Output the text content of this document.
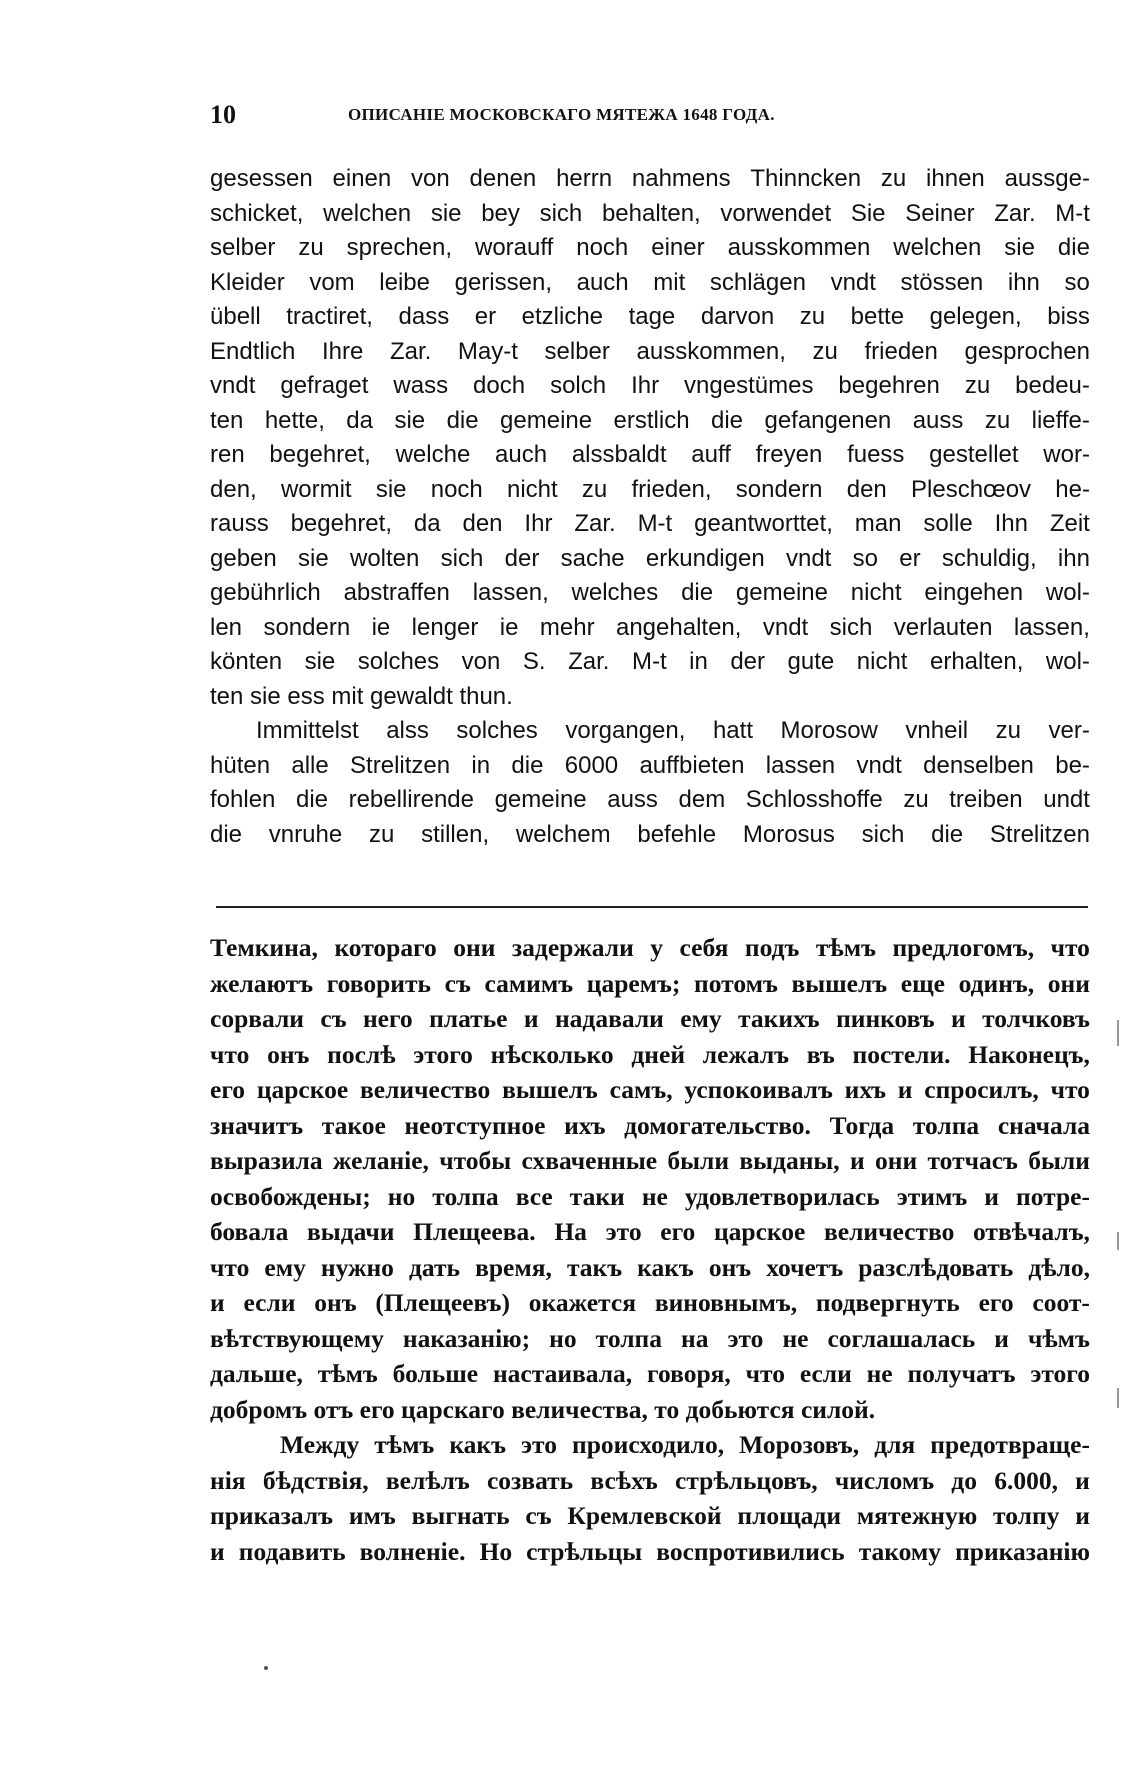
10	ОПИСАНІЕ МОСКОВСКАГО МЯТЕЖА 1648 ГОДА.
gesessen einen von denen herrn nahmens Thinncken zu ihnen aussge-
schicket, welchen sie bey sich behalten, vorwendet Sie Seiner Zar. M-t
selber zu sprechen, worauff noch einer ausskommen welchen sie die
Kleider vom leibe gerissen, auch mit schlägen vndt stössen ihn so
übell tractiret, dass er etzliche tage darvon zu bette gelegen, biss
Endtlich Ihre Zar. May-t selber ausskommen, zu frieden gesprochen
vndt gefraget wass doch solch Ihr vngestümes begehren zu bedeu-
ten hette, da sie die gemeine erstlich die gefangenen auss zu lieffe-
ren begehret, welche auch alssbaldt auff freyen fuess gestellet wor-
den, wormit sie noch nicht zu frieden, sondern den Pleschœov he-
rauss begehret, da den Ihr Zar. M-t geantworttet, man solle Ihn Zeit
geben sie wolten sich der sache erkundigen vndt so er schuldig, ihn
gebührlich abstraffen lassen, welches die gemeine nicht eingehen wol-
len sondern ie lenger ie mehr angehalten, vndt sich verlauten lassen,
könten sie solches von S. Zar. M-t in der gute nicht erhalten, wol-
ten sie ess mit gewaldt thun.
Immittelst alss solches vorgangen, hatt Morosow vnheil zu ver-
hüten alle Strelitzen in die 6000 auffbieten lassen vndt denselben be-
fohlen die rebellirende gemeine auss dem Schlosshoffe zu treiben undt
die vnruhe zu stillen, welchem befehle Morosus sich die Strelitzen
Темкина, котораго они задержали у себя подъ тѣмъ предлогомъ, что
желаютъ говорить съ самимъ царемъ; потомъ вышелъ еще одинъ, они
сорвали съ него платье и надавали ему такихъ пинковъ и толчковъ
что онъ послѣ этого нѣсколько дней лежалъ въ постели. Наконецъ,
его царское величество вышелъ самъ, успокоивалъ ихъ и спросилъ, что
значитъ такое неотступное ихъ домогательство. Тогда толпа сначала
выразила желаніе, чтобы схваченные были выданы, и они тотчасъ были
освобождены; но толпа все таки не удовлетворилась этимъ и потре-
бовала выдачи Плещеева. На это его царское величество отвѣчалъ,
что ему нужно дать время, такъ какъ онъ хочетъ разслѣдовать дѣло,
и если онъ (Плещеевъ) окажется виновнымъ, подвергнуть его соот-
вѣтствующему наказанію; но толпа на это не соглашалась и чѣмъ
дальше, тѣмъ больше настаивала, говоря, что если не получатъ этого
добромъ отъ его царскаго величества, то добьются силой.
Между тѣмъ какъ это происходило, Морозовъ, для предотвраще-
нія бѣдствія, велѣлъ созвать всѣхъ стрѣльцовъ, числомъ до 6.000, и
приказалъ имъ выгнать съ Кремлевской площади мятежную толпу и
и подавить волненіе. Но стрѣльцы воспротивились такому приказанію
